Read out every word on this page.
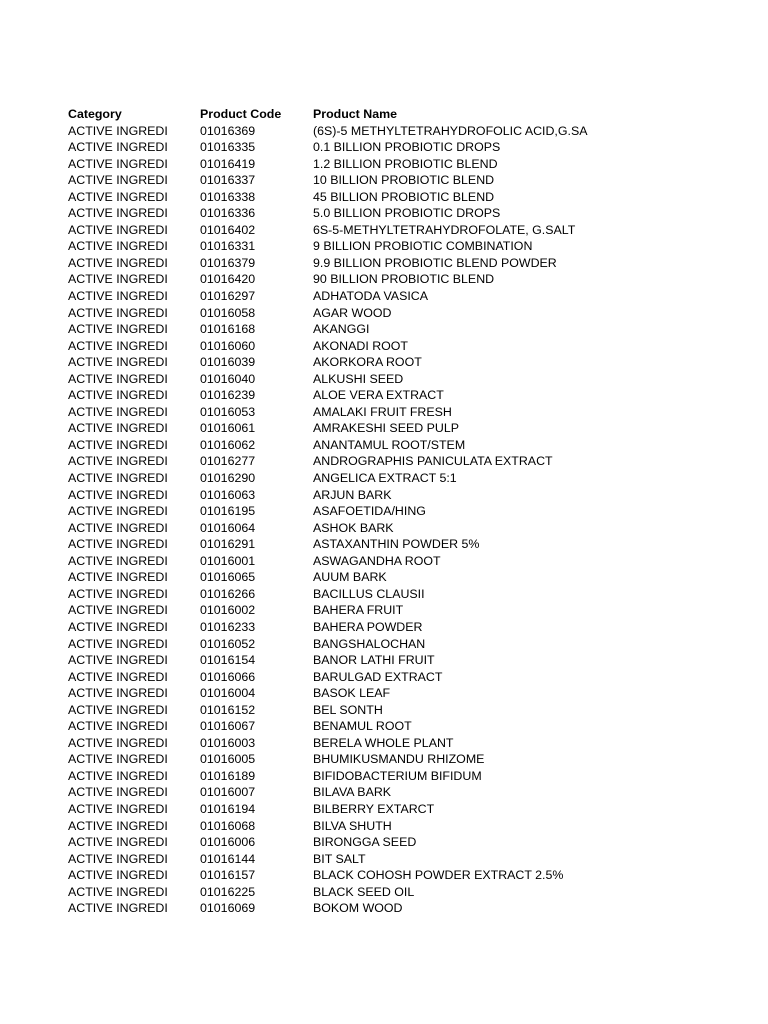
Category	Product Code	Product Name
ACTIVE INGREDI	01016369	(6S)-5 METHYLTETRAHYDROFOLIC ACID,G.SA
ACTIVE INGREDI	01016335	0.1 BILLION PROBIOTIC DROPS
ACTIVE INGREDI	01016419	1.2 BILLION PROBIOTIC BLEND
ACTIVE INGREDI	01016337	10 BILLION PROBIOTIC BLEND
ACTIVE INGREDI	01016338	45 BILLION PROBIOTIC BLEND
ACTIVE INGREDI	01016336	5.0 BILLION PROBIOTIC DROPS
ACTIVE INGREDI	01016402	6S-5-METHYLTETRAHYDROFOLATE, G.SALT
ACTIVE INGREDI	01016331	9 BILLION PROBIOTIC COMBINATION
ACTIVE INGREDI	01016379	9.9 BILLION PROBIOTIC BLEND POWDER
ACTIVE INGREDI	01016420	90 BILLION PROBIOTIC BLEND
ACTIVE INGREDI	01016297	ADHATODA VASICA
ACTIVE INGREDI	01016058	AGAR WOOD
ACTIVE INGREDI	01016168	AKANGGI
ACTIVE INGREDI	01016060	AKONADI ROOT
ACTIVE INGREDI	01016039	AKORKORA ROOT
ACTIVE INGREDI	01016040	ALKUSHI SEED
ACTIVE INGREDI	01016239	ALOE VERA EXTRACT
ACTIVE INGREDI	01016053	AMALAKI FRUIT FRESH
ACTIVE INGREDI	01016061	AMRAKESHI SEED PULP
ACTIVE INGREDI	01016062	ANANTAMUL ROOT/STEM
ACTIVE INGREDI	01016277	ANDROGRAPHIS PANICULATA EXTRACT
ACTIVE INGREDI	01016290	ANGELICA EXTRACT 5:1
ACTIVE INGREDI	01016063	ARJUN BARK
ACTIVE INGREDI	01016195	ASAFOETIDA/HING
ACTIVE INGREDI	01016064	ASHOK BARK
ACTIVE INGREDI	01016291	ASTAXANTHIN POWDER 5%
ACTIVE INGREDI	01016001	ASWAGANDHA ROOT
ACTIVE INGREDI	01016065	AUUM BARK
ACTIVE INGREDI	01016266	BACILLUS CLAUSII
ACTIVE INGREDI	01016002	BAHERA FRUIT
ACTIVE INGREDI	01016233	BAHERA POWDER
ACTIVE INGREDI	01016052	BANGSHALOCHAN
ACTIVE INGREDI	01016154	BANOR LATHI FRUIT
ACTIVE INGREDI	01016066	BARULGAD EXTRACT
ACTIVE INGREDI	01016004	BASOK LEAF
ACTIVE INGREDI	01016152	BEL SONTH
ACTIVE INGREDI	01016067	BENAMUL ROOT
ACTIVE INGREDI	01016003	BERELA WHOLE PLANT
ACTIVE INGREDI	01016005	BHUMIKUSMANDU RHIZOME
ACTIVE INGREDI	01016189	BIFIDOBACTERIUM BIFIDUM
ACTIVE INGREDI	01016007	BILAVA BARK
ACTIVE INGREDI	01016194	BILBERRY EXTARCT
ACTIVE INGREDI	01016068	BILVA SHUTH
ACTIVE INGREDI	01016006	BIRONGGA SEED
ACTIVE INGREDI	01016144	BIT SALT
ACTIVE INGREDI	01016157	BLACK COHOSH POWDER EXTRACT 2.5%
ACTIVE INGREDI	01016225	BLACK SEED OIL
ACTIVE INGREDI	01016069	BOKOM WOOD
